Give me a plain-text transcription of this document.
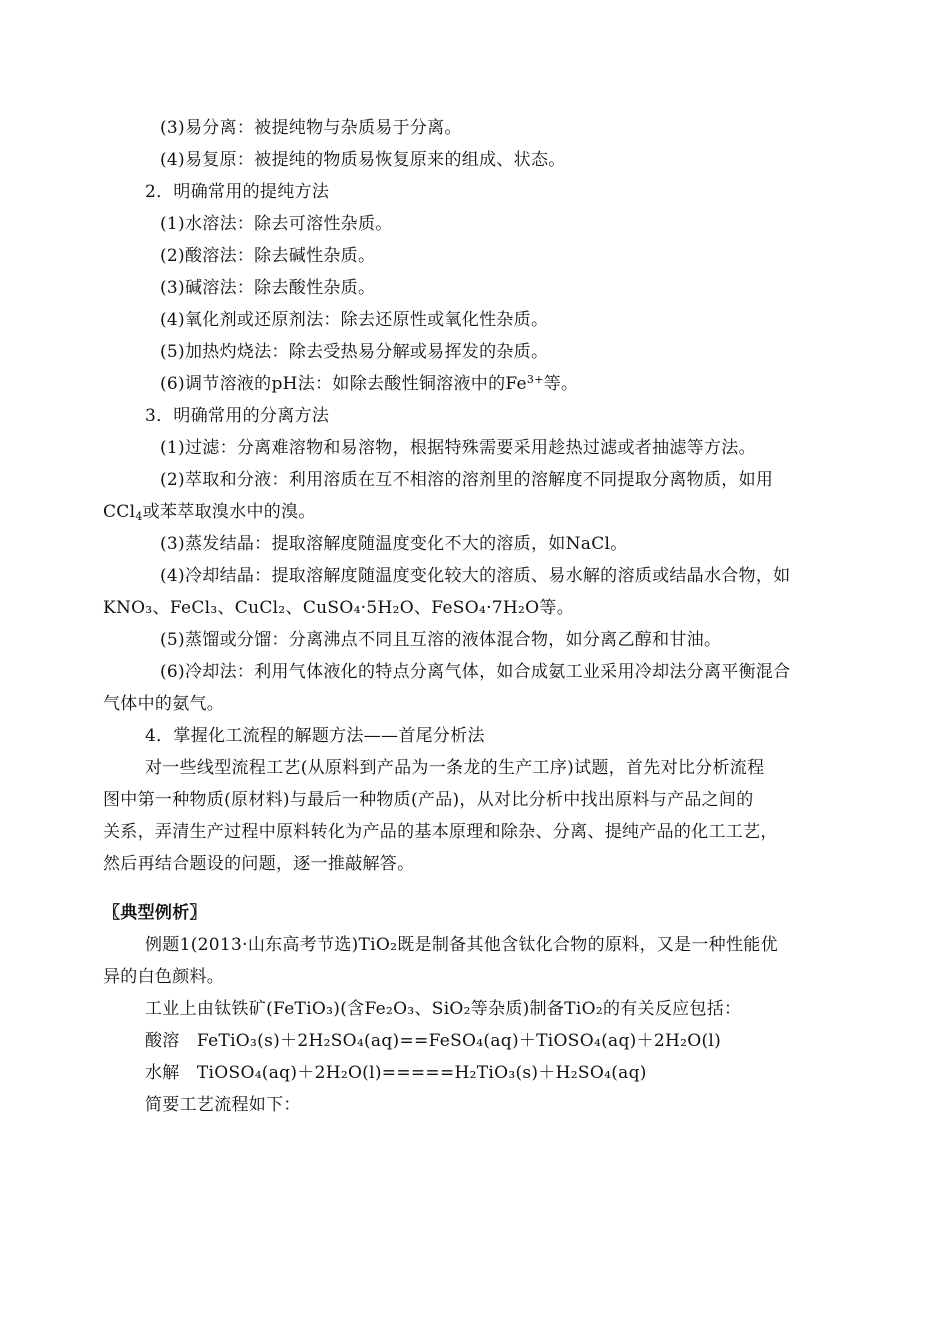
(3)易分离：被提纯物与杂质易于分离。
(4)易复原：被提纯的物质易恢复原来的组成、状态。
2．明确常用的提纯方法
(1)水溶法：除去可溶性杂质。
(2)酸溶法：除去碱性杂质。
(3)碱溶法：除去酸性杂质。
(4)氧化剂或还原剂法：除去还原性或氧化性杂质。
(5)加热灼烧法：除去受热易分解或易挥发的杂质。
(6)调节溶液的pH法：如除去酸性铜溶液中的$Fe^{3+}$等。
3．明确常用的分离方法
(1)过滤：分离难溶物和易溶物，根据特殊需要采用趁热过滤或者抽滤等方法。
(2)萃取和分液：利用溶质在互不相溶的溶剂里的溶解度不同提取分离物质，如用
CCl$_4$或苯萃取溴水中的溴。
(3)蒸发结晶：提取溶解度随温度变化不大的溶质，如NaCl。
(4)冷却结晶：提取溶解度随温度变化较大的溶质、易水解的溶质或结晶水合物，如
KNO₃、FeCl₃、CuCl₂、CuSO₄·5H₂O、FeSO₄·7H₂O等。
(5)蒸馏或分馏：分离沸点不同且互溶的液体混合物，如分离乙醇和甘油。
(6)冷却法：利用气体液化的特点分离气体，如合成氨工业采用冷却法分离平衡混合
气体中的氨气。
4．掌握化工流程的解题方法——首尾分析法
对一些线型流程工艺(从原料到产品为一条龙的生产工序)试题，首先对比分析流程
图中第一种物质(原材料)与最后一种物质(产品)，从对比分析中找出原料与产品之间的
关系，弄清生产过程中原料转化为产品的基本原理和除杂、分离、提纯产品的化工工艺，
然后再结合题设的问题，逐一推敲解答。
〖典型例析〗
例题1(2013·山东高考节选)TiO₂既是制备其他含钛化合物的原料，又是一种性能优
异的白色颜料。
工业上由钛铁矿(FeTiO₃)(含Fe₂O₃、SiO₂等杂质)制备TiO₂的有关反应包括：
酸溶　FeTiO₃(s)＋2H₂SO₄(aq)==FeSO₄(aq)＋TiOSO₄(aq)＋2H₂O(l)
水解　TiOSO₄(aq)＋2H₂O(l)=====H₂TiO₃(s)＋H₂SO₄(aq)
简要工艺流程如下：
